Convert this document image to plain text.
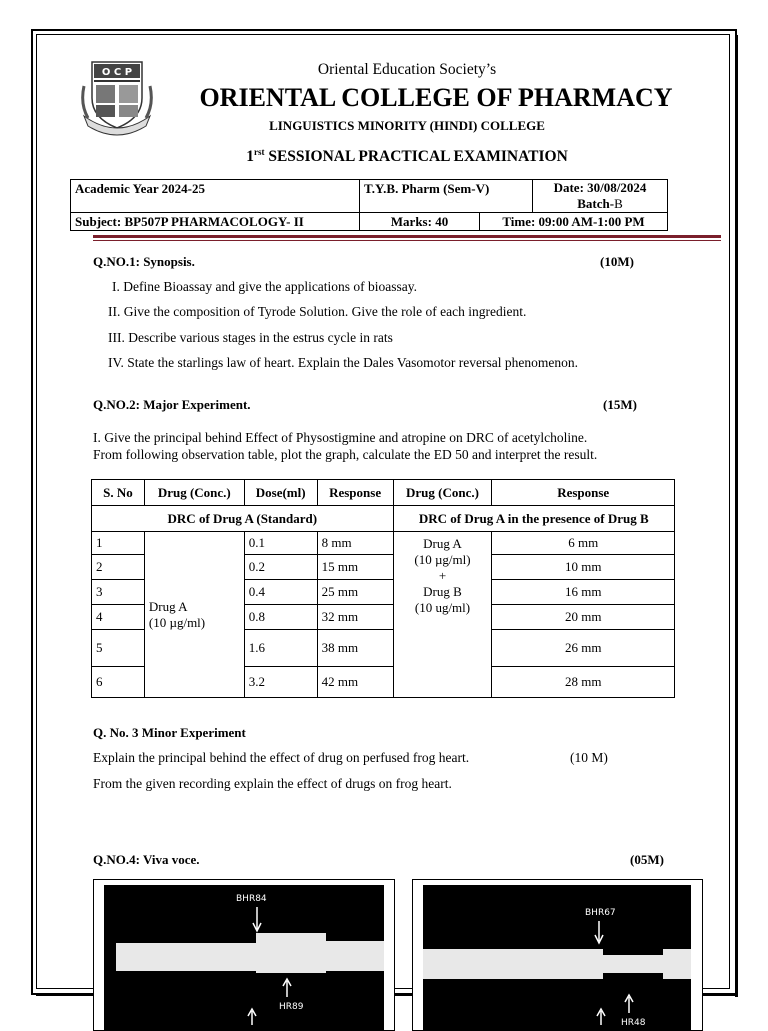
O C P	Oriental Education Society’s
ORIENTAL COLLEGE OF PHARMACY
LINGUISTICS MINORITY (HINDI) COLLEGE
$1^{rst}$ SESSIONAL PRACTICAL EXAMINATION
Academic Year 2024-25	T.Y.B. Pharm (Sem-V)		Date: 30/08/2024
Batch-B
Subject: BP507P PHARMACOLOGY- II	Marks: 40	Time: 09:00 AM-1:00 PM	
Q.NO.1: Synopsis.	(10M)
I. Define Bioassay and give the applications of bioassay.
II. Give the composition of Tyrode Solution. Give the role of each ingredient.
III. Describe various stages in the estrus cycle in rats
IV. State the starlings law of heart. Explain the Dales Vasomotor reversal phenomenon.
Q.NO.2: Major Experiment.	(15M)
I. Give the principal behind Effect of Physostigmine and atropine on DRC of acetylcholine.
From following observation table, plot the graph, calculate the ED 50 and interpret the result.
S. No	Drug (Conc.)	Dose(ml)	Response	Drug (Conc.)	Response
DRC of Drug A (Standard)				DRC of Drug A in the presence of Drug B	
1	Drug A
(10 µg/ml)	0.1	8 mm	Drug A
(10 µg/ml)
+
Drug B
(10 ug/ml)	6 mm
2		0.2	15 mm		10 mm
3		0.4	25 mm		16 mm
4		0.8	32 mm		20 mm
5		1.6	38 mm		26 mm
6		3.2	42 mm		28 mm
Q. No. 3 Minor Experiment
Explain the principal behind the effect of drug on perfused frog heart.	(10 M)
From the given recording explain the effect of drugs on frog heart.
Q.NO.4: Viva voce.	(05M)
BHR84
HR89
BHR67
HR48
